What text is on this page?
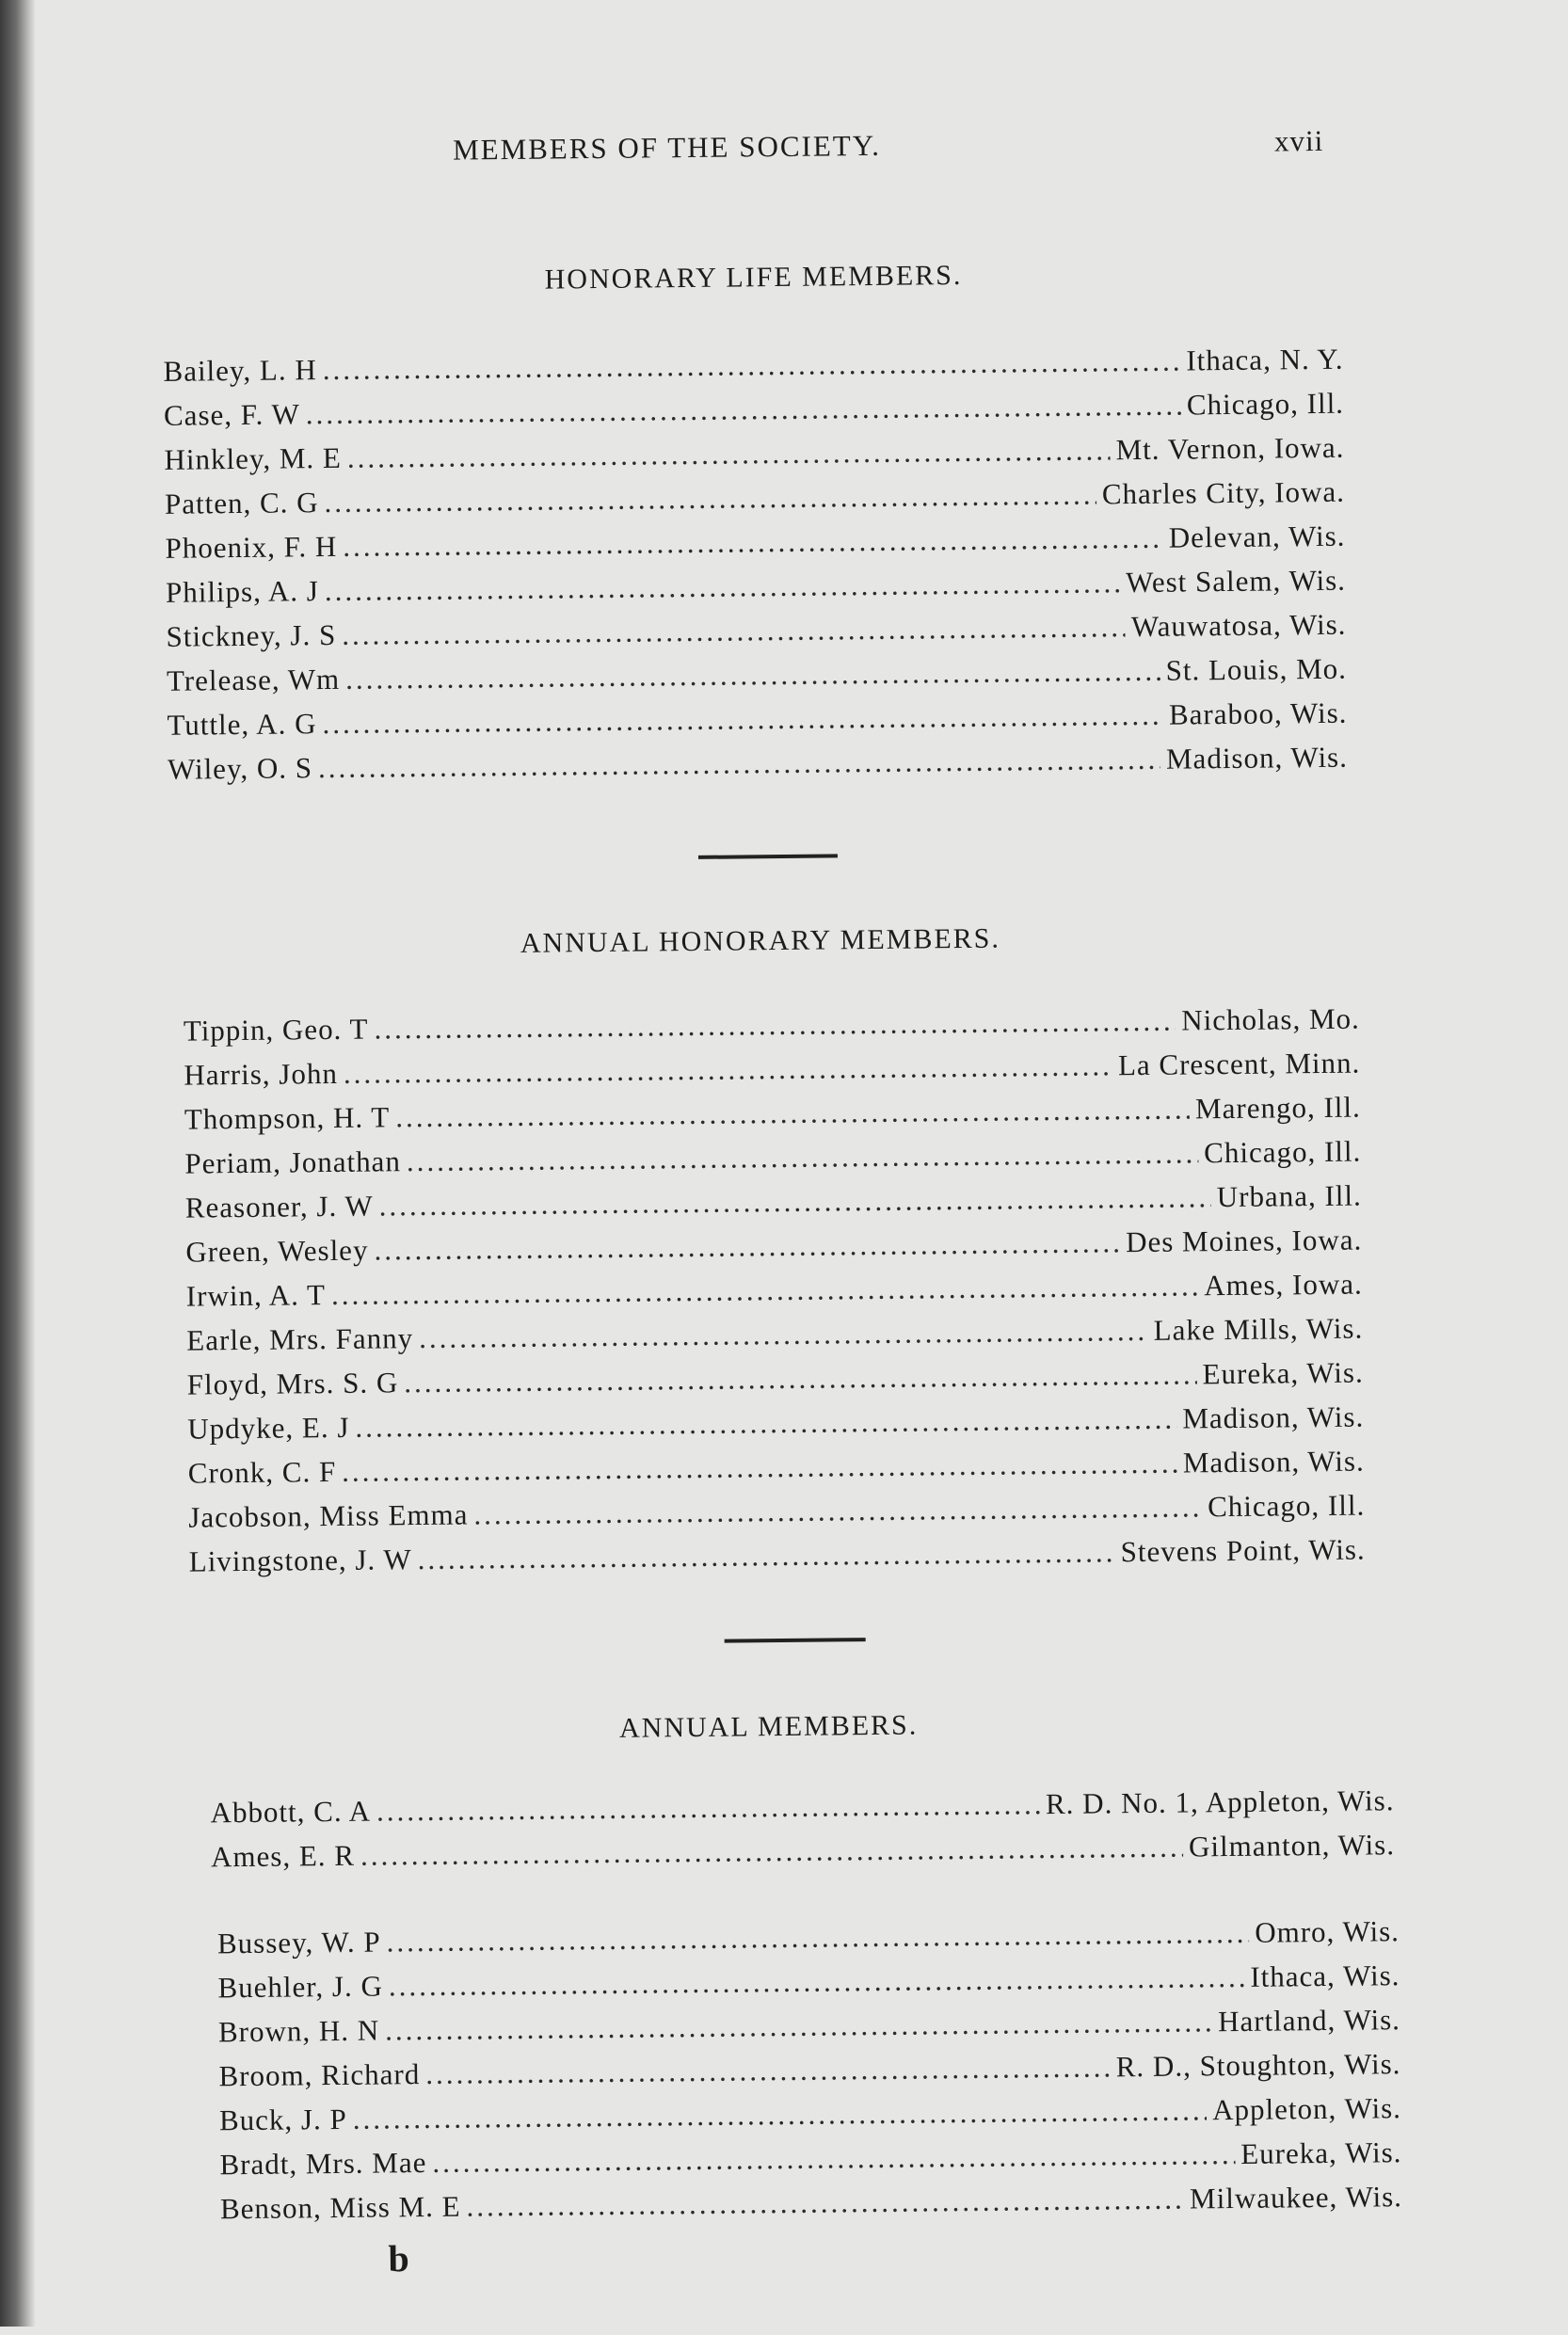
MEMBERS OF THE SOCIETY.	xvii
HONORARY LIFE MEMBERS.
Bailey, L. H .....	Ithaca, N. Y.
Case, F. W .....	Chicago, Ill.
Hinkley, M. E .....	Mt. Vernon, Iowa.
Patten, C. G .....	Charles City, Iowa.
Phoenix, F. H .....	Delevan, Wis.
Philips, A. J .....	West Salem, Wis.
Stickney, J. S .....	Wauwatosa, Wis.
Trelease, Wm .....	St. Louis, Mo.
Tuttle, A. G .....	Baraboo, Wis.
Wiley, O. S .....	Madison, Wis.
ANNUAL HONORARY MEMBERS.
Tippin, Geo. T .....	Nicholas, Mo.
Harris, John .....	La Crescent, Minn.
Thompson, H. T .....	Marengo, Ill.
Periam, Jonathan .....	Chicago, Ill.
Reasoner, J. W .....	Urbana, Ill.
Green, Wesley .....	Des Moines, Iowa.
Irwin, A. T .....	Ames, Iowa.
Earle, Mrs. Fanny .....	Lake Mills, Wis.
Floyd, Mrs. S. G .....	Eureka, Wis.
Updyke, E. J .....	Madison, Wis.
Cronk, C. F .....	Madison, Wis.
Jacobson, Miss Emma .....	Chicago, Ill.
Livingstone, J. W .....	Stevens Point, Wis.
ANNUAL MEMBERS.
Abbott, C. A .....	R. D. No. 1, Appleton, Wis.
Ames, E. R .....	Gilmanton, Wis.
Bussey, W. P .....	Omro, Wis.
Buehler, J. G .....	Ithaca, Wis.
Brown, H. N .....	Hartland, Wis.
Broom, Richard .....	R. D., Stoughton, Wis.
Buck, J. P .....	Appleton, Wis.
Bradt, Mrs. Mae .....	Eureka, Wis.
Benson, Miss M. E .....	Milwaukee, Wis.
b
